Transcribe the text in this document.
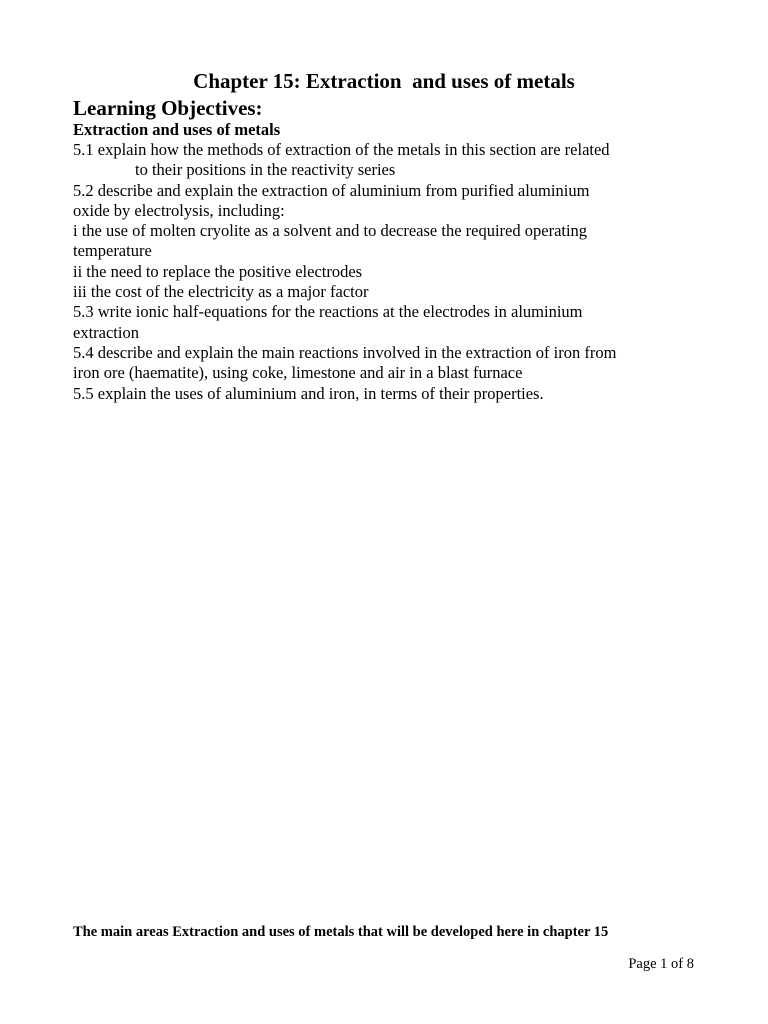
Chapter 15: Extraction  and uses of metals
Learning Objectives:
Extraction and uses of metals
5.1 explain how the methods of extraction of the metals in this section are related
to their positions in the reactivity series
5.2 describe and explain the extraction of aluminium from purified aluminium
oxide by electrolysis, including:
i the use of molten cryolite as a solvent and to decrease the required operating
temperature
ii the need to replace the positive electrodes
iii the cost of the electricity as a major factor
5.3 write ionic half-equations for the reactions at the electrodes in aluminium
extraction
5.4 describe and explain the main reactions involved in the extraction of iron from
iron ore (haematite), using coke, limestone and air in a blast furnace
5.5 explain the uses of aluminium and iron, in terms of their properties.
The main areas Extraction and uses of metals that will be developed here in chapter 15
Page 1 of 8
